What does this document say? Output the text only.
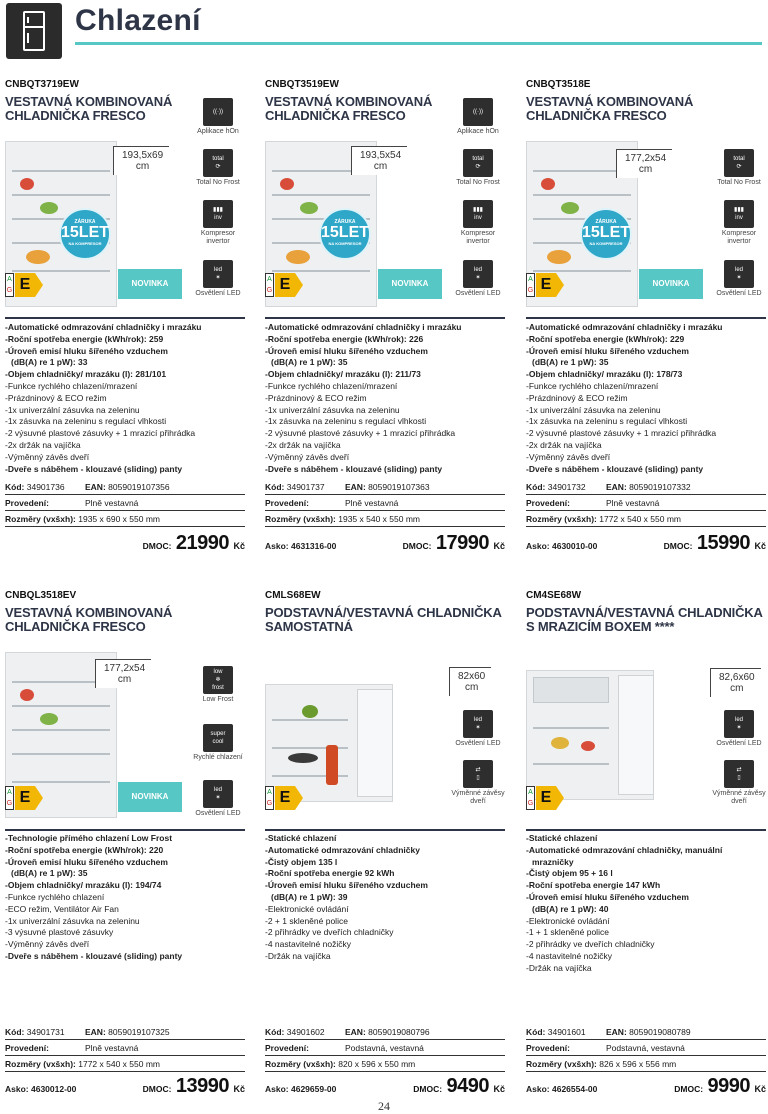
Chlazení
CNBQT3719EW
VESTAVNÁ KOMBINOVANÁ CHLADNIČKA FRESCO
193,5x69
cm
ZÁRUKA
15LET
NA KOMPRESOR
NOVINKA
A
G E
((·))
Aplikace hOn
total
⟳
Total No Frost
▮▮▮
inv
Kompresor invertor
led
✶
Osvětlení LED
-Automatické odmrazování chladničky i mrazáku
-Roční spotřeba energie (kWh/rok): 259
-Úroveň emisí hluku šířeného vzduchem
(dB(A) re 1 pW): 33
-Objem chladničky/ mrazáku (l): 281/101
-Funkce rychlého chlazení/mrazení
-Prázdninový & ECO režim
-1x univerzální zásuvka na zeleninu
-1x zásuvka na zeleninu s regulací vlhkosti
-2 výsuvné plastové zásuvky + 1 mrazicí přihrádka
-2x držák na vajíčka
-Výměnný závěs dveří
-Dveře s náběhem - klouzavé (sliding) panty
Kód: 34901736 EAN: 8059019107356
Provedení:	Plně vestavná
Rozměry (vxšxh): 1935 x 690 x 550 mm
DMOC: 21990 Kč
CNBQT3519EW
VESTAVNÁ KOMBINOVANÁ CHLADNIČKA FRESCO
193,5x54
cm
ZÁRUKA
15LET
NA KOMPRESOR
NOVINKA
A
G E
((·))
Aplikace hOn
total
⟳
Total No Frost
▮▮▮
inv
Kompresor invertor
led
✶
Osvětlení LED
-Automatické odmrazování chladničky i mrazáku
-Roční spotřeba energie (kWh/rok): 226
-Úroveň emisí hluku šířeného vzduchem
(dB(A) re 1 pW): 35
-Objem chladničky/ mrazáku (l): 211/73
-Funkce rychlého chlazení/mrazení
-Prázdninový & ECO režim
-1x univerzální zásuvka na zeleninu
-1x zásuvka na zeleninu s regulací vlhkosti
-2 výsuvné plastové zásuvky + 1 mrazicí přihrádka
-2x držák na vajíčka
-Výměnný závěs dveří
-Dveře s náběhem - klouzavé (sliding) panty
Kód: 34901737 EAN: 8059019107363
Provedení:	Plně vestavná
Rozměry (vxšxh): 1935 x 540 x 550 mm
Asko: 4631316-00	DMOC: 17990 Kč
CNBQT3518E
VESTAVNÁ KOMBINOVANÁ CHLADNIČKA FRESCO
177,2x54
cm
ZÁRUKA
15LET
NA KOMPRESOR
NOVINKA
A
G E
total
⟳
Total No Frost
▮▮▮
inv
Kompresor invertor
led
✶
Osvětlení LED
-Automatické odmrazování chladničky i mrazáku
-Roční spotřeba energie (kWh/rok): 229
-Úroveň emisí hluku šířeného vzduchem
(dB(A) re 1 pW): 35
-Objem chladničky/ mrazáku (l): 178/73
-Funkce rychlého chlazení/mrazení
-Prázdninový & ECO režim
-1x univerzální zásuvka na zeleninu
-1x zásuvka na zeleninu s regulací vlhkosti
-2 výsuvné plastové zásuvky + 1 mrazicí přihrádka
-2x držák na vajíčka
-Výměnný závěs dveří
-Dveře s náběhem - klouzavé (sliding) panty
Kód: 34901732 EAN: 8059019107332
Provedení:	Plně vestavná
Rozměry (vxšxh): 1772 x 540 x 550 mm
Asko: 4630010-00	DMOC: 15990 Kč
CNBQL3518EV
VESTAVNÁ KOMBINOVANÁ CHLADNIČKA FRESCO
177,2x54
cm
NOVINKA
A
G E
low
❄
frost
Low Frost
super
cool
Rychlé chlazení
led
✶
Osvětlení LED
-Technologie přímého chlazení Low Frost
-Roční spotřeba energie (kWh/rok): 220
-Úroveň emisí hluku šířeného vzduchem
(dB(A) re 1 pW): 35
-Objem chladničky/ mrazáku (l): 194/74
-Funkce rychlého chlazení
-ECO režim, Ventilátor Air Fan
-1x univerzální zásuvka na zeleninu
-3 výsuvné plastové zásuvky
-Výměnný závěs dveří
-Dveře s náběhem - klouzavé (sliding) panty
Kód: 34901731 EAN: 8059019107325
Provedení:	Plně vestavná
Rozměry (vxšxh): 1772 x 540 x 550 mm
Asko: 4630012-00	DMOC: 13990 Kč
CMLS68EW
PODSTAVNÁ/VESTAVNÁ CHLADNIČKA SAMOSTATNÁ
82x60
cm
A
G E
led
✶
Osvětlení LED
⇄
▯
Výměnné závěsy dveří
-Statické chlazení
-Automatické odmrazování chladničky
-Čistý objem 135 l
-Roční spotřeba energie 92 kWh
-Úroveň emisí hluku šířeného vzduchem
(dB(A) re 1 pW): 39
-Elektronické ovládání
-2 + 1 skleněné police
-2 přihrádky ve dveřích chladničky
-4 nastavitelné nožičky
-Držák na vajíčka
Kód: 34901602 EAN: 8059019080796
Provedení:	Podstavná, vestavná
Rozměry (vxšxh): 820 x 596 x 550 mm
Asko: 4629659-00	DMOC: 9490 Kč
CM4SE68W
PODSTAVNÁ/VESTAVNÁ CHLADNIČKA S MRAZICÍM BOXEM ****
82,6x60
cm
A
G E
led
✶
Osvětlení LED
⇄
▯
Výměnné závěsy dveří
-Statické chlazení
-Automatické odmrazování chladničky, manuální
mrazničky
-Čistý objem 95 + 16 l
-Roční spotřeba energie 147 kWh
-Úroveň emisí hluku šířeného vzduchem
(dB(A) re 1 pW): 40
-Elektronické ovládání
-1 + 1 skleněné police
-2 přihrádky ve dveřích chladničky
-4 nastavitelné nožičky
-Držák na vajíčka
Kód: 34901601 EAN: 8059019080789
Provedení:	Podstavná, vestavná
Rozměry (vxšxh): 826 x 596 x 556 mm
Asko: 4626554-00	DMOC: 9990 Kč
24
